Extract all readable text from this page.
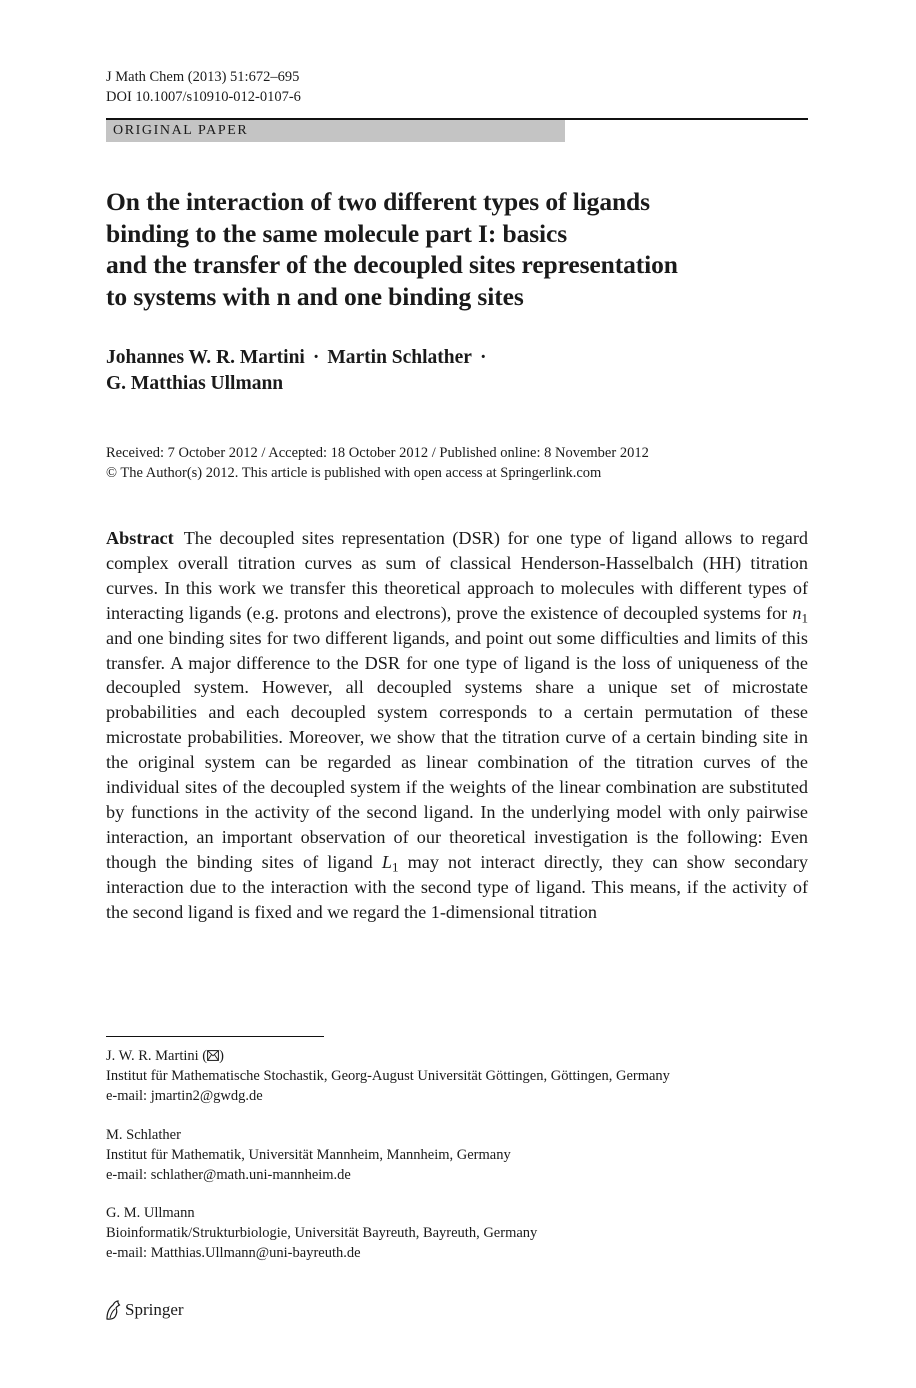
J Math Chem (2013) 51:672–695
DOI 10.1007/s10910-012-0107-6
ORIGINAL PAPER
On the interaction of two different types of ligands
binding to the same molecule part I: basics
and the transfer of the decoupled sites representation
to systems with n and one binding sites
Johannes W. R. Martini · Martin Schlather ·
G. Matthias Ullmann
Received: 7 October 2012 / Accepted: 18 October 2012 / Published online: 8 November 2012
© The Author(s) 2012. This article is published with open access at Springerlink.com
Abstract The decoupled sites representation (DSR) for one type of ligand allows to regard complex overall titration curves as sum of classical Henderson-Hasselbalch (HH) titration curves. In this work we transfer this theoretical approach to molecules with different types of interacting ligands (e.g. protons and electrons), prove the existence of decoupled systems for $n_1$ and one binding sites for two different ligands, and point out some difficulties and limits of this transfer. A major difference to the DSR for one type of ligand is the loss of uniqueness of the decoupled system. However, all decoupled systems share a unique set of microstate probabilities and each decoupled system corresponds to a certain permutation of these microstate probabilities. Moreover, we show that the titration curve of a certain binding site in the original system can be regarded as linear combination of the titration curves of the individual sites of the decoupled system if the weights of the linear combination are substituted by functions in the activity of the second ligand. In the underlying model with only pairwise interaction, an important observation of our theoretical investigation is the following: Even though the binding sites of ligand $L_1$ may not interact directly, they can show secondary interaction due to the interaction with the second type of ligand. This means, if the activity of the second ligand is fixed and we regard the 1-dimensional titration
J. W. R. Martini ( )
Institut für Mathematische Stochastik, Georg-August Universität Göttingen, Göttingen, Germany
e-mail: jmartin2@gwdg.de
M. Schlather
Institut für Mathematik, Universität Mannheim, Mannheim, Germany
e-mail: schlather@math.uni-mannheim.de
G. M. Ullmann
Bioinformatik/Strukturbiologie, Universität Bayreuth, Bayreuth, Germany
e-mail: Matthias.Ullmann@uni-bayreuth.de
Springer
